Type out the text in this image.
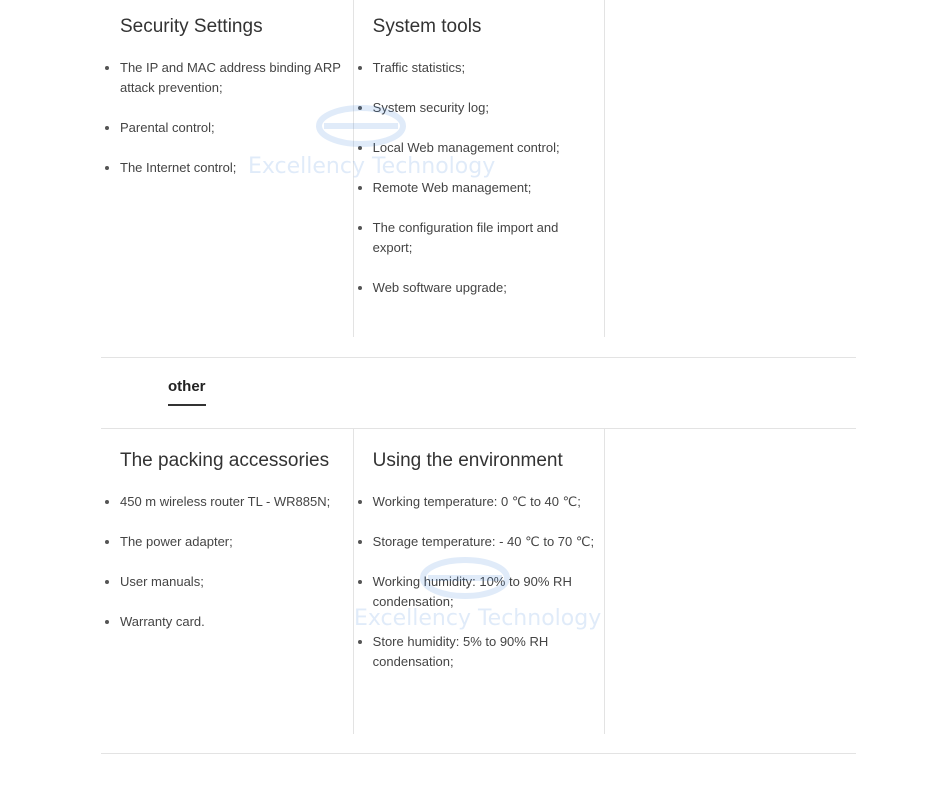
Security Settings
The IP and MAC address binding ARP attack prevention;
Parental control;
The Internet control;
System tools
Traffic statistics;
System security log;
Local Web management control;
Remote Web management;
The configuration file import and export;
Web software upgrade;
other
The packing accessories
450 m wireless router TL - WR885N;
The power adapter;
User manuals;
Warranty card.
Using the environment
Working temperature: 0 ℃ to 40 ℃;
Storage temperature: - 40 ℃ to 70 ℃;
Working humidity: 10% to 90% RH condensation;
Store humidity: 5% to 90% RH condensation;
Excellency Technology
Excellency Technology
